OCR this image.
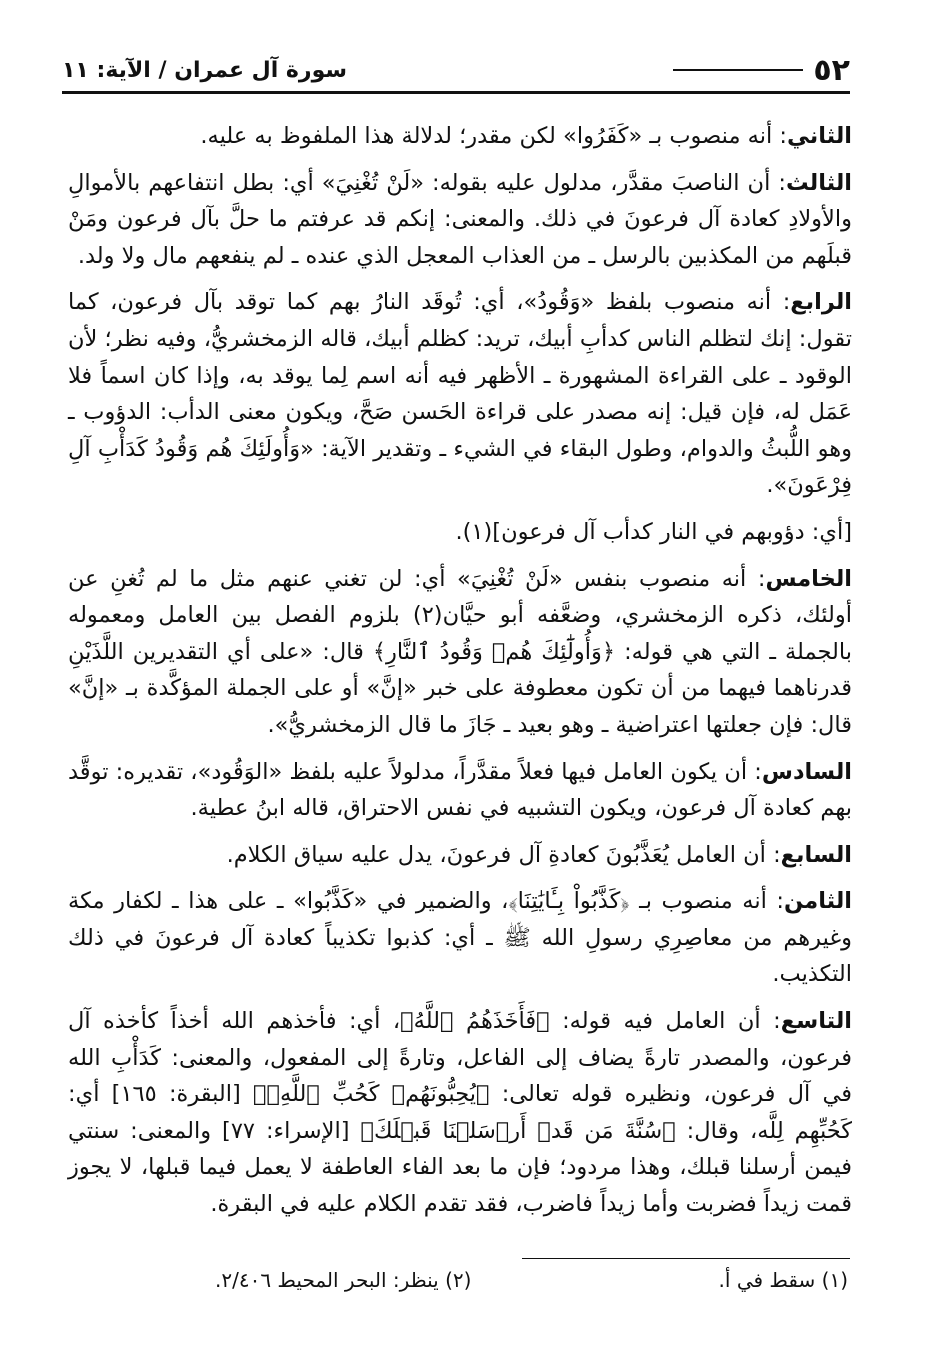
٥٢
سورة آل عمران / الآية: ١١

الثاني: أنه منصوب بـ «كَفَرُوا» لكن مقدر؛ لدلالة هذا الملفوظ به عليه.

الثالث: أن الناصبَ مقدَّر، مدلول عليه بقوله: «لَنْ تُغْنِيَ» أي: بطل انتفاعهم بالأموالِ والأولادِ كعادة آل فرعونَ في ذلك. والمعنى: إنكم قد عرفتم ما حلَّ بآل فرعون ومَنْ قبلَهم من المكذبين بالرسل ـ من العذاب المعجل الذي عنده ـ لم ينفعهم مال ولا ولد.

الرابع: أنه منصوب بلفظ «وَقُودُ»، أي: تُوقَد النارُ بهم كما توقد بآل فرعون، كما تقول: إنك لتظلم الناس كدأبِ أبيك، تريد: كظلم أبيك، قاله الزمخشريُّ، وفيه نظر؛ لأن الوقود ـ على القراءة المشهورة ـ الأظهر فيه أنه اسم لِما يوقد به، وإذا كان اسماً فلا عَمَل له، فإن قيل: إنه مصدر على قراءة الحَسن صَحَّ، ويكون معنى الدأب: الدؤوب ـ وهو اللُّبثُ والدوام، وطول البقاء في الشيء ـ وتقدير الآية: «وَأُولَئِكَ هُم وَقُودُ كَدَأْبِ آلِ فِرْعَونَ».

[أي: دؤوبهم في النار كدأب آل فرعون](١).

الخامس: أنه منصوب بنفس «لَنْ تُغْنِيَ» أي: لن تغني عنهم مثل ما لم تُغنِ عن أولئك، ذكره الزمخشري، وضعَّفه أبو حيَّان(٢) بلزوم الفصل بين العامل ومعموله بالجملة ـ التي هي قوله: ﴿وَأُولَٰٓئِكَ هُمۡ وَقُودُ ٱلنَّارِ﴾ قال: «على أي التقديرين اللَّذَيْنِ قدرناهما فيهما من أن تكون معطوفة على خبر «إنَّ» أو على الجملة المؤكَّدة بـ «إنَّ» قال: فإن جعلتها اعتراضية ـ وهو بعيد ـ جَازَ ما قال الزمخشريُّ».

السادس: أن يكون العامل فيها فعلاً مقدَّراً، مدلولاً عليه بلفظ «الوَقُود»، تقديره: توقَّد بهم كعادة آل فرعون، ويكون التشبيه في نفس الاحتراق، قاله ابنُ عطية.

السابع: أن العامل يُعَذَّبُونَ كعادةِ آل فرعونَ، يدل عليه سياق الكلام.

الثامن: أنه منصوب بـ ﴿كَذَّبُواْ بِـَٔايَٰتِنَا﴾، والضمير في «كَذَّبُوا» ـ على هذا ـ لكفار مكة وغيرهم من معاصِرِي رسولِ الله ﷺ ـ أي: كذبوا تكذيباً كعادة آل فرعونَ في ذلك التكذيب.

التاسع: أن العامل فيه قوله: ﴿فَأَخَذَهُمُ ٱللَّهُ﴾، أي: فأخذهم الله أخذاً كأخذه آل فرعون، والمصدر تارةً يضاف إلى الفاعل، وتارةً إلى المفعول، والمعنى: كَدَأْبِ الله في آل فرعون، ونظيره قوله تعالى: ﴿يُحِبُّونَهُمۡ كَحُبِّ ٱللَّهِۖ﴾ [البقرة: ١٦٥] أي: كَحُبِّهِم لِلَّه، وقال: ﴿سُنَّةَ مَن قَدۡ أَرۡسَلۡنَا قَبۡلَكَ﴾ [الإسراء: ٧٧] والمعنى: سنتي فيمن أرسلنا قبلك، وهذا مردود؛ فإن ما بعد الفاء العاطفة لا يعمل فيما قبلها، لا يجوز قمت زيداً فضربت وأما زيداً فاضرب، فقد تقدم الكلام عليه في البقرة.

(١) سقط في أ.
(٢) ينظر: البحر المحيط ٢/٤٠٦.
